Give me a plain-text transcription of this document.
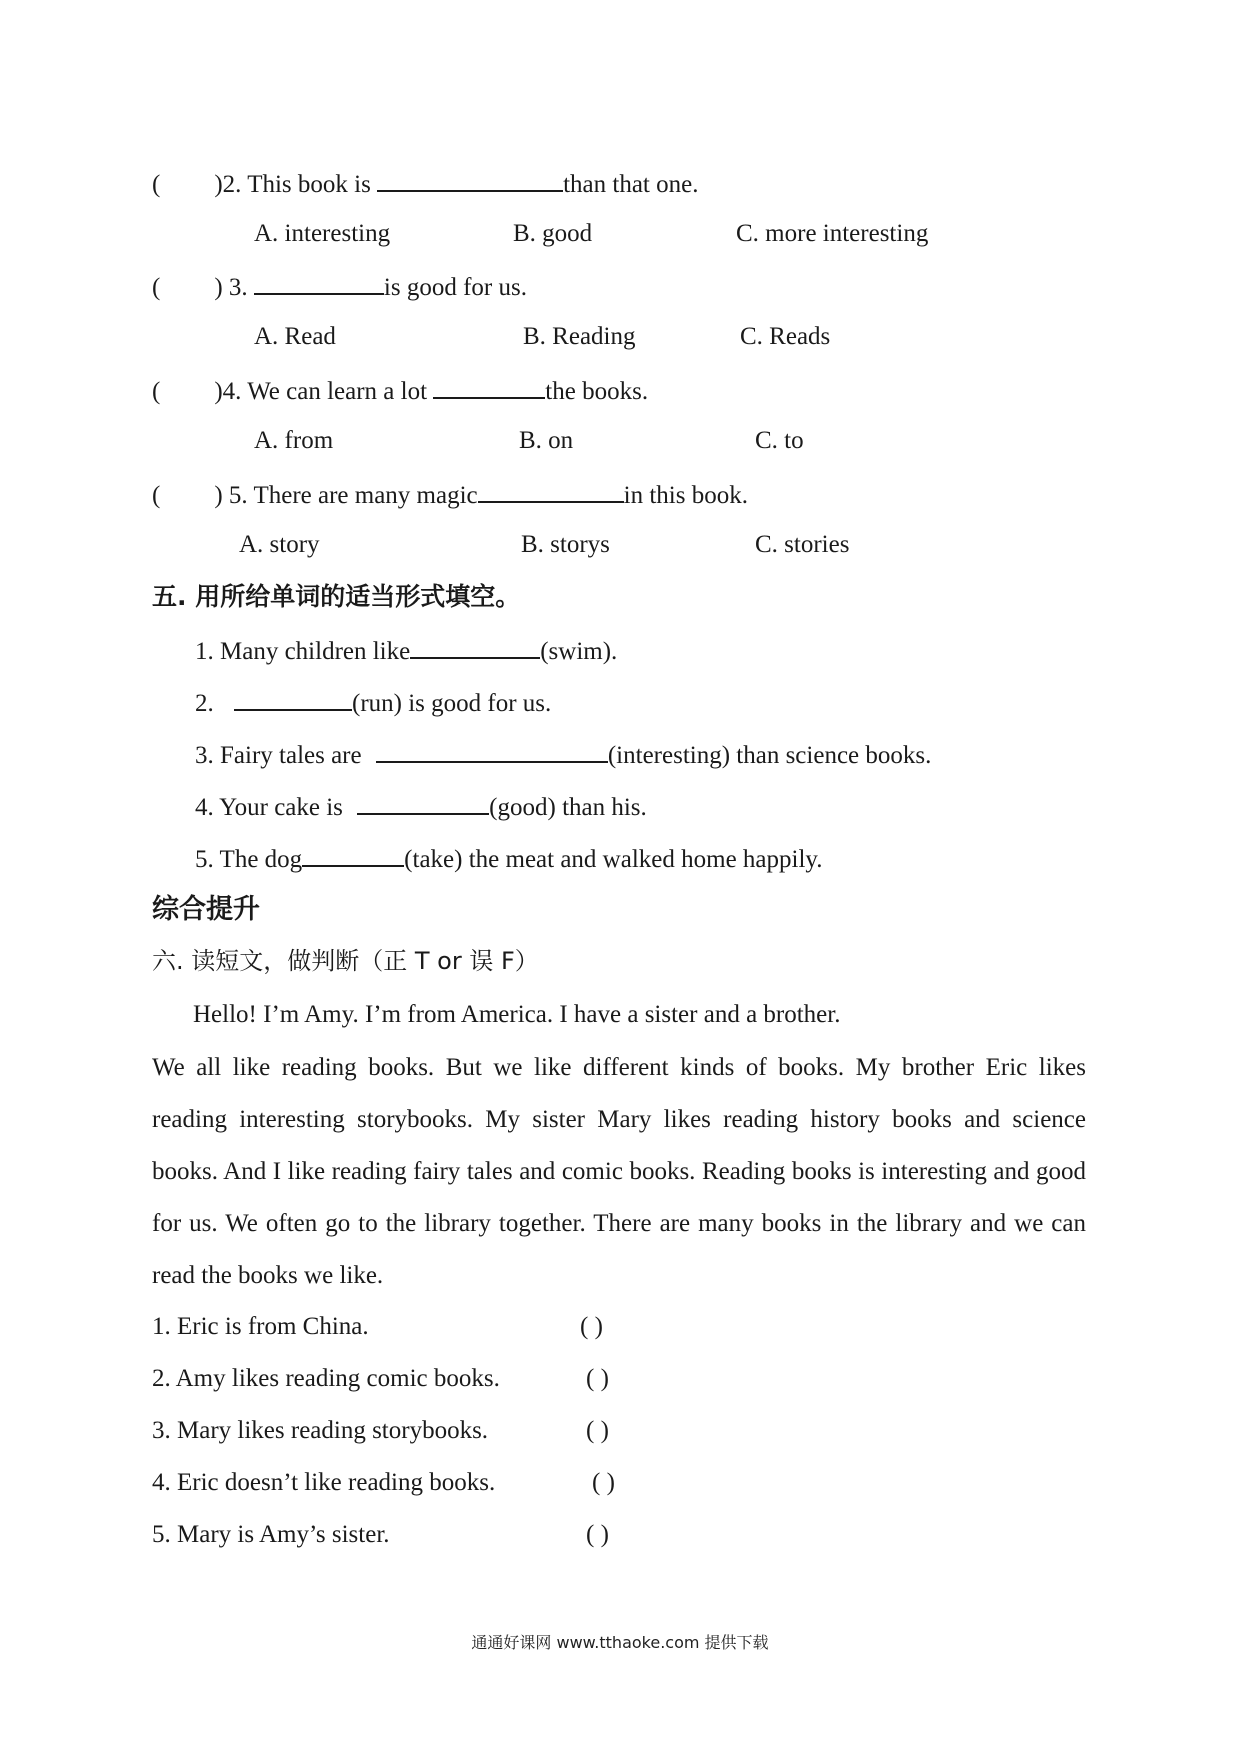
( )2. This book is	than that one.
A. interesting	B. good	C. more interesting
( ) 3.	is good for us.
A. Read	B. Reading	C. Reads
( )4. We can learn a lot	the books.
A. from	B. on	C. to
( ) 5. There are many magic	in this book.
A. story	B. storys	C. stories
五. 用所给单词的适当形式填空。
1. Many children like	(swim).
2.	(run) is good for us.
3. Fairy tales are	(interesting) than science books.
4. Your cake is	(good) than his.
5. The dog	(take) the meat and walked home happily.
综合提升
六. 读短文，做判断（正 T or 误 F）
Hello! I’m Amy. I’m from America. I have a sister and a brother.
We all like reading books. But we like different kinds of books. My brother Eric likes reading interesting storybooks. My sister Mary likes reading history books and science books. And I like reading fairy tales and comic books. Reading books is interesting and good for us. We often go to the library together. There are many books in the library and we can read the books we like.
1. Eric is from China.	( )
2. Amy likes reading comic books.	( )
3. Mary likes reading storybooks.	( )
4. Eric doesn’t like reading books.	( )
5. Mary is Amy’s sister.	( )
通通好课网 www.tthaoke.com 提供下载
